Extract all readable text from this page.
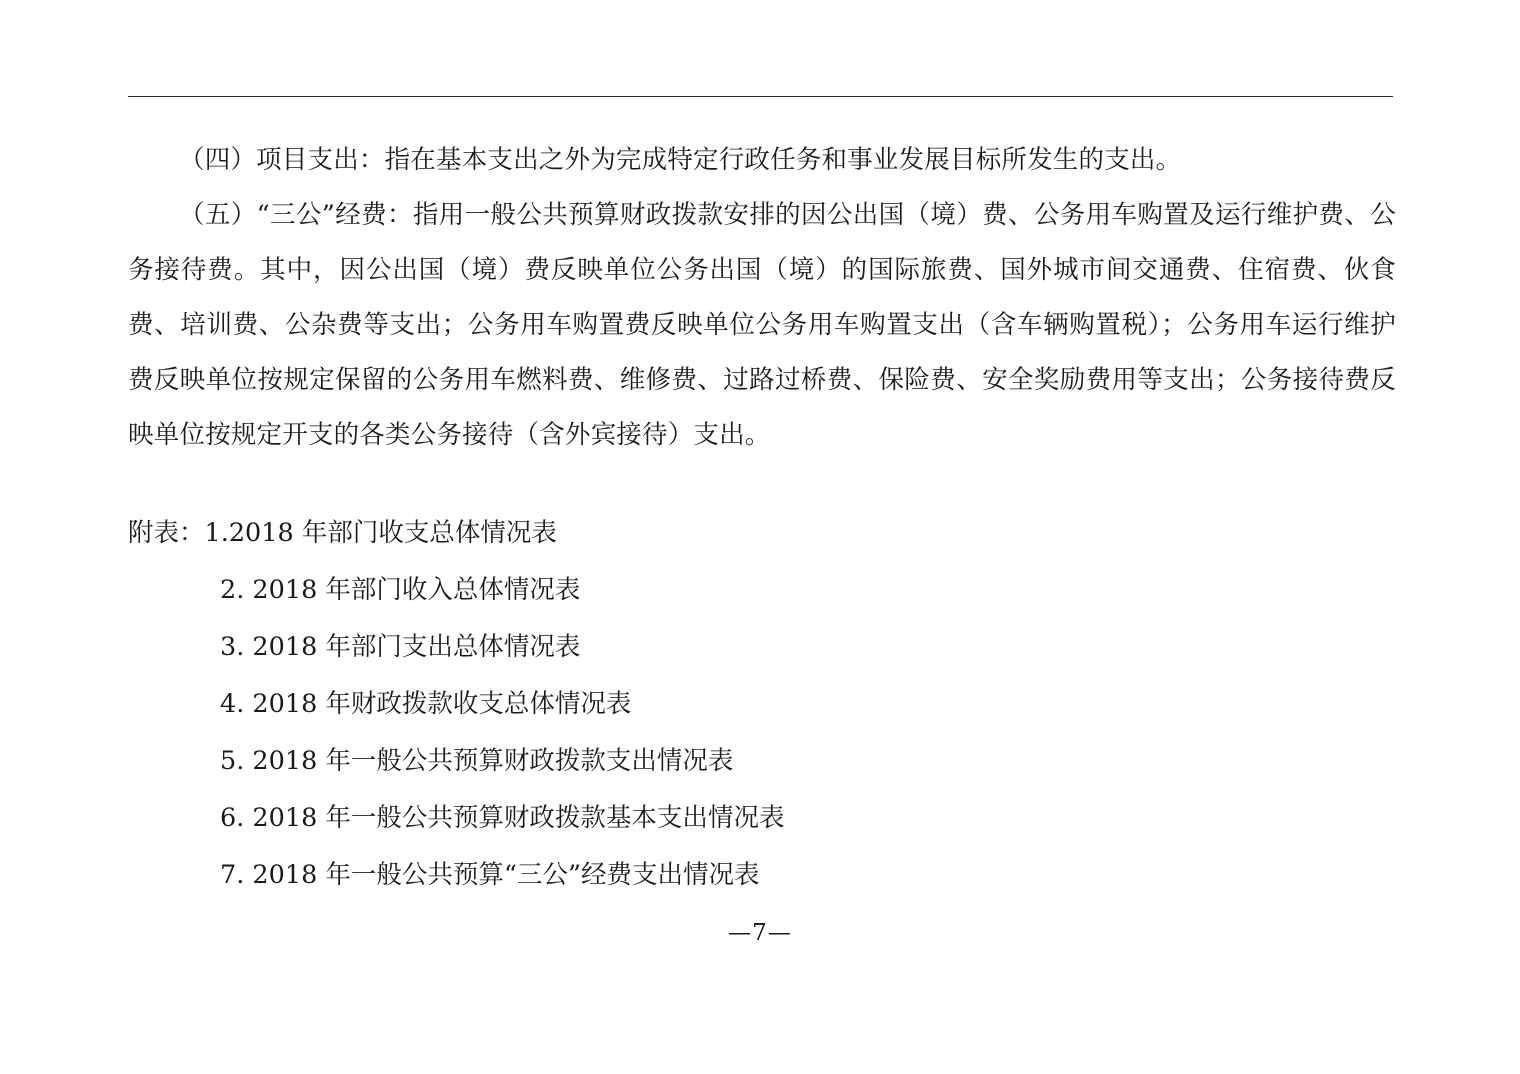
（四）项目支出：指在基本支出之外为完成特定行政任务和事业发展目标所发生的支出。

（五）“三公”经费：指用一般公共预算财政拨款安排的因公出国（境）费、公务用车购置及运行维护费、公务接待费。其中，因公出国（境）费反映单位公务出国（境）的国际旅费、国外城市间交通费、住宿费、伙食费、培训费、公杂费等支出；公务用车购置费反映单位公务用车购置支出（含车辆购置税）；公务用车运行维护费反映单位按规定保留的公务用车燃料费、维修费、过路过桥费、保险费、安全奖励费用等支出；公务接待费反映单位按规定开支的各类公务接待（含外宾接待）支出。

附表：1.2018 年部门收支总体情况表

2. 2018 年部门收入总体情况表

3. 2018 年部门支出总体情况表

4. 2018 年财政拨款收支总体情况表

5. 2018 年一般公共预算财政拨款支出情况表

6. 2018 年一般公共预算财政拨款基本支出情况表

7. 2018 年一般公共预算“三公”经费支出情况表

—7—
